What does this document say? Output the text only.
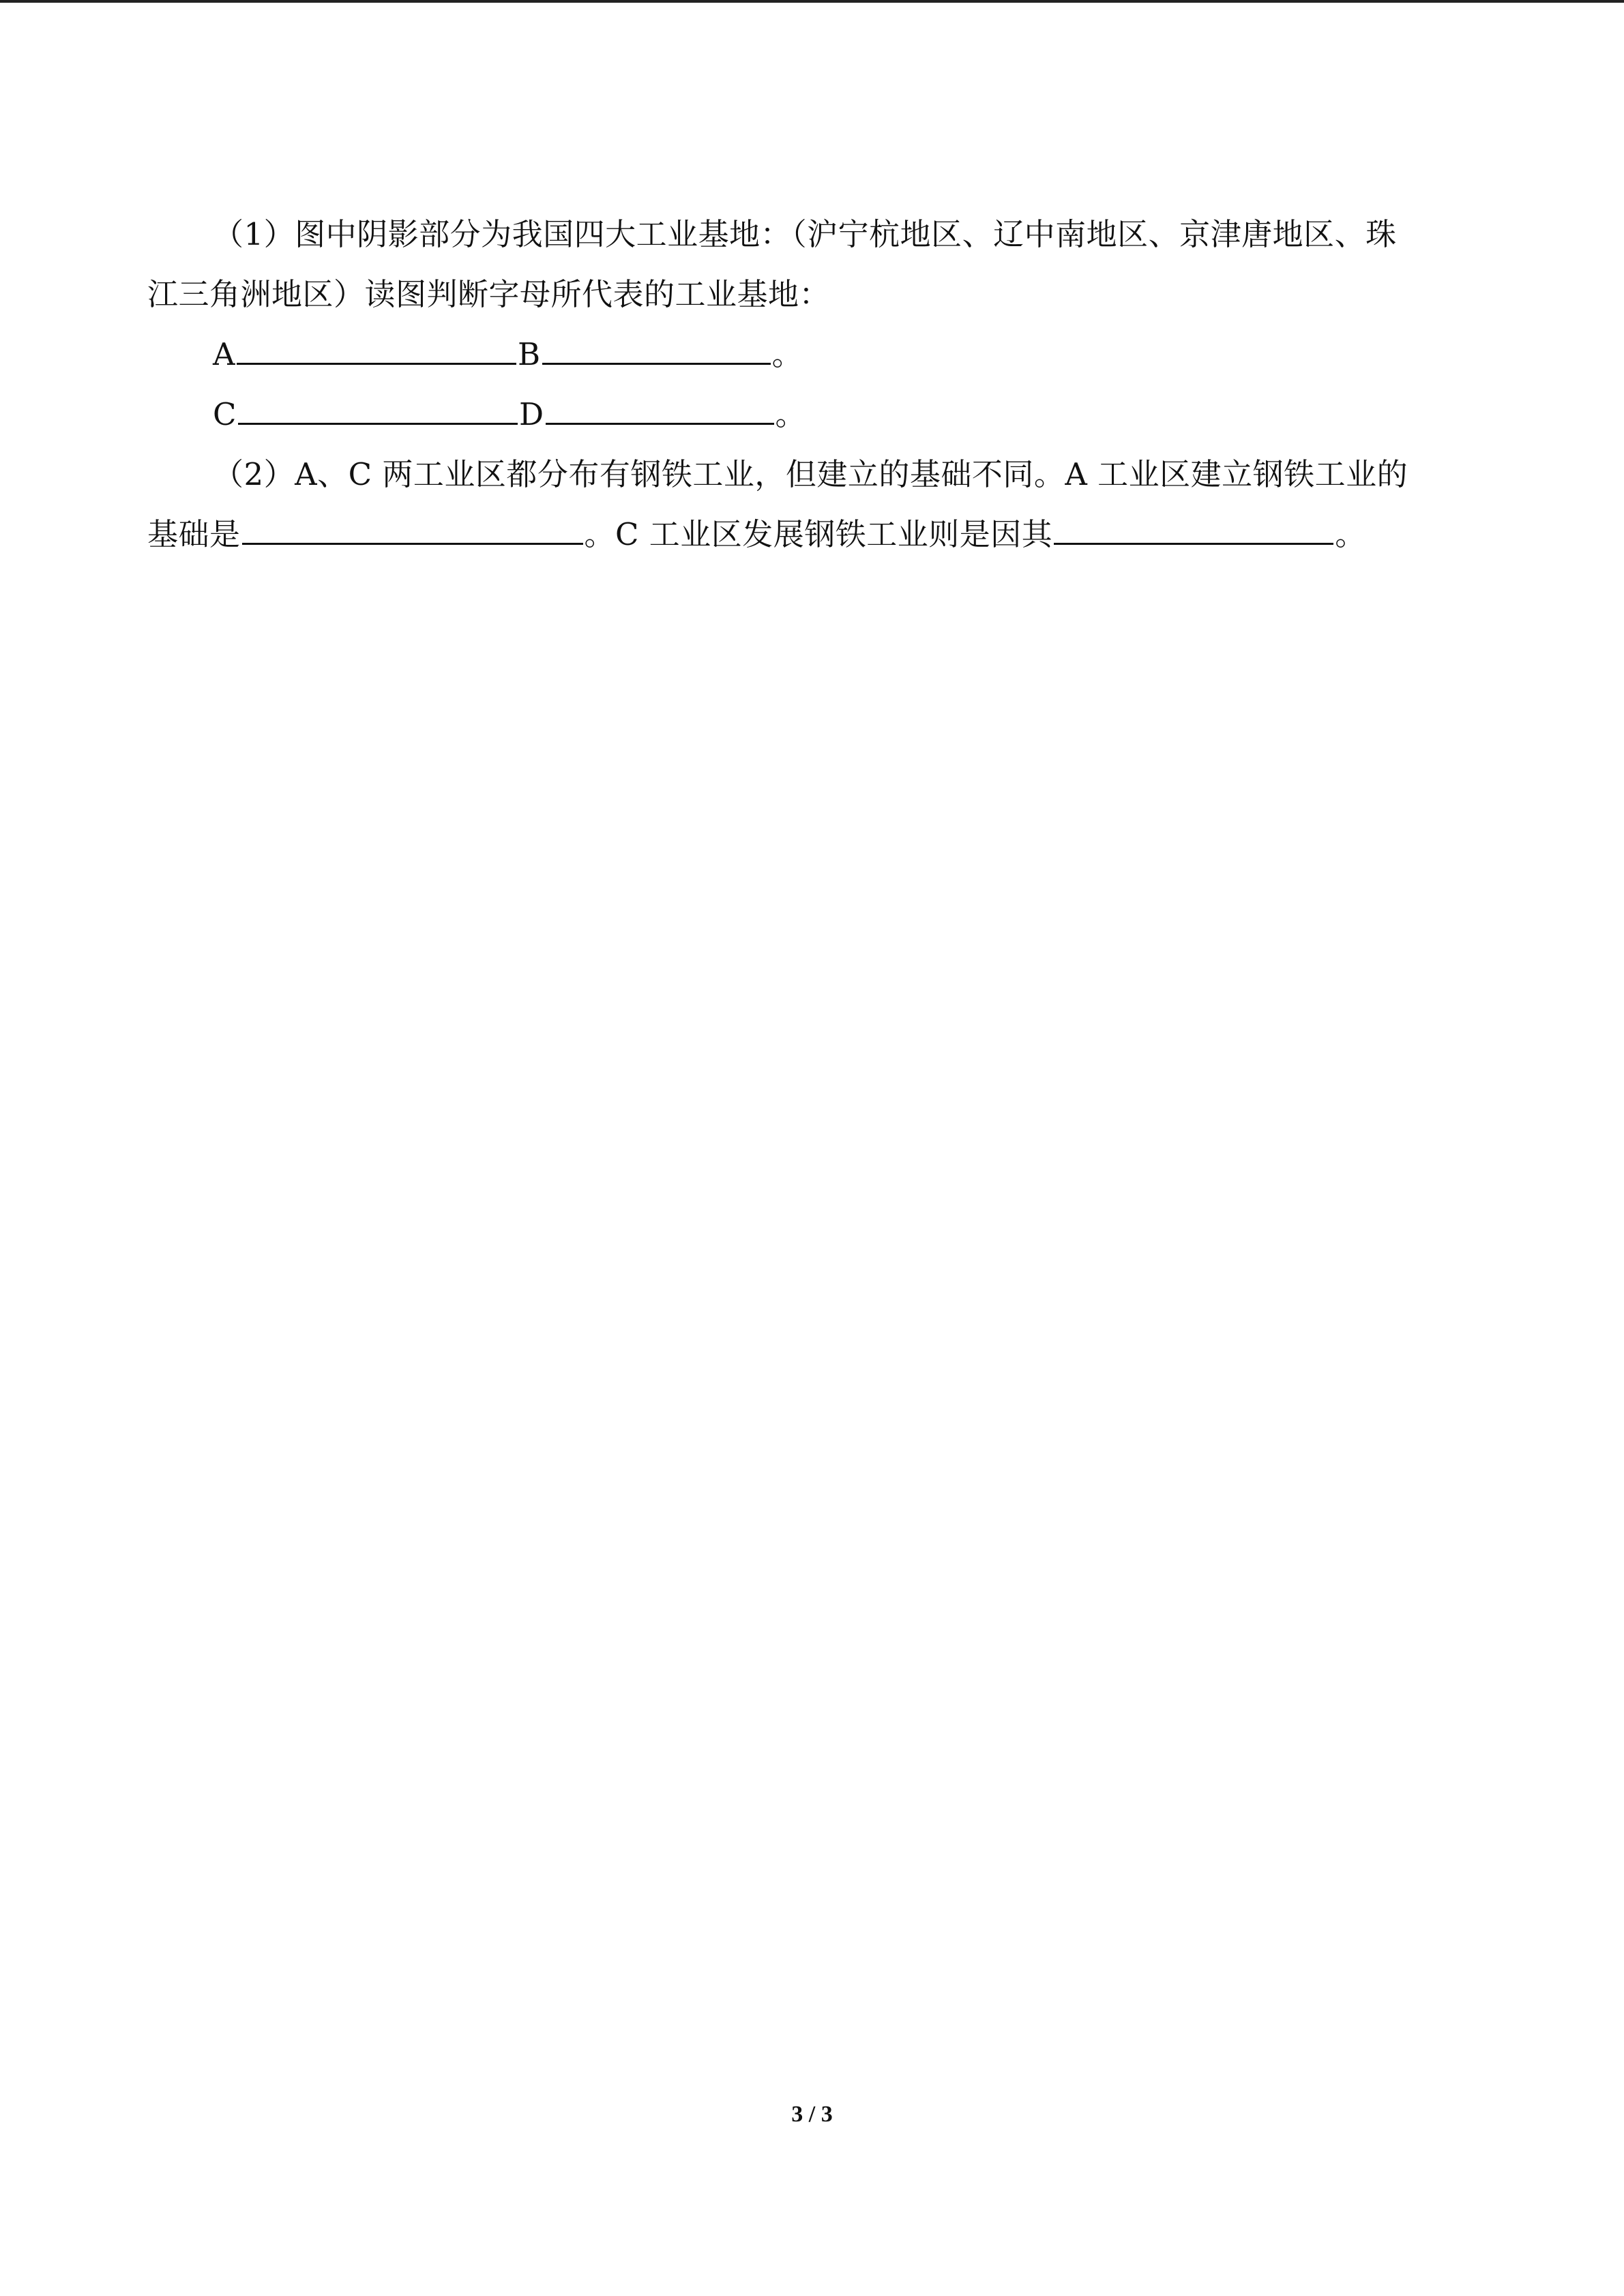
（1）图中阴影部分为我国四大工业基地：（沪宁杭地区、辽中南地区、京津唐地区、珠
江三角洲地区）读图判断字母所代表的工业基地：

A	B	。

C	D	。

（2）A、C 两工业区都分布有钢铁工业，但建立的基础不同。A 工业区建立钢铁工业的
基础是	。C 工业区发展钢铁工业则是因其	。

3 / 3
